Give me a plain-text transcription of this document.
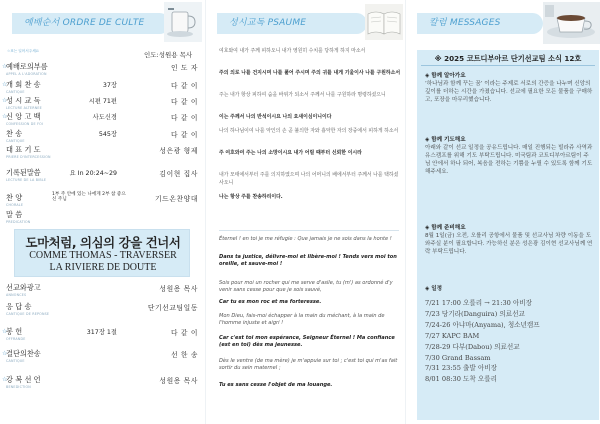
예배순서 ORDRE DE CULTE
인도:성원용 목사
☆표는 일어서주세요
예배로의부름
APPEL A L'ADORATION
인 도 자
☆
개 회 찬 송
CANTIQUE
37장	다 같 이
☆
성 시 교 독
LECTURE ALTERNEE
시편 71편	다 같 이
☆
신 앙 고 백
CONFESSION DE FOI
사도신경	다 같 이
☆
찬 송
CANTIQUE
545장	다 같 이
대 표 기 도
PRIERE D'INTERCESSION
성은광 형제
기록된말씀
LECTURE DE LA BIBLE
요 In 20:24~29	김이현 집사
찬 양
CHORALE
1부 주 안에 있는 나에게 2부 참 좋으신 주님	기드온찬양대
말 씀
PREDICATION
도마처럼, 의심의 강을 건너서
COMME THOMAS - TRAVERSER
LA RIVIERE DE DOUTE
선교와광고
ANNONCES
성원용 목사
응 답 송
CANTIQUE DE REPONSE
단기선교팀일동
봉 헌
OFFRANDE
317장 1절	다 같 이
☆
결단의찬송
CANTIQUE
선 한 송
☆
강 복 선 언
BENEDICTION
성원용 목사
☆
성시교독 PSAUME
여호와여 내가 주께 피하오니 내가 영원히 수치를 당하게 하지 마소서
주의 의로 나를 건지시며 나를 풀어 주시며 주의 귀를 내게 기울이사 나를 구원하소서
주는 내가 항상 피하여 숨을 바위가 되소서 주께서 나를 구원하라 명령하셨으니
이는 주께서 나의 반석이시요 나의 요새이심이니이다
나의 하나님이여 나를 악인의 손 곧 불의한 자와 흉악한 자의 장중에서 피하게 하소서
주 여호와여 주는 나의 소망이시요 내가 어릴 때부터 신뢰한 이시라
내가 모태에서부터 주를 의지하였으며 나의 어머니의 배에서부터 주께서 나를 택하셨사오니
나는 항상 주를 찬송하리이다.
Éternel ! en toi je me réfugie : Que jamais je ne sois dans la honte !
Dans ta justice, délivre-moi et libère-moi ! Tends vers moi ton oreille, et sauve-moi !
Sois pour moi un rocher qui me serve d'asile, tu (m') as ordonné d'y venir sans cesse pour que je sois sauvé,
Car tu es mon roc et ma forteresse.
Mon Dieu, fais-moi échapper à la main du méchant, à la main de l'homme injuste et aigri !
Car c'est toi mon espérance, Seigneur Éternel ! Ma confiance (est en toi) dès ma jeunesse.
Dès le ventre (de ma mère) je m'appuie sur toi ; c'est toi qui m'as fait sortir du sein maternel ;
Tu es sans cesse l'objet de ma louange.
칼럼 MESSAGES
※ 2025 코트디부아르 단기선교팀 소식 12호
◈ 함께 알아가요
‘하나님과 함께 꾸는 꿈’ 이라는 주제로 서로의 간증을 나누며 신앙의 깊이를 더하는 시간을 가졌습니다. 선교에 필요한 모든 물품을 구매하고, 포장을 마무리했습니다.
◈ 함께 기도해요
아래와 같이 선교 일정을 공유드립니다. 매일 진행되는 빌라쥬 사역과 유스캠프를 위해 기도 부탁드립니다. 미국팀과 코트디부아르팀이 주님 안에서 하나 되어, 복음을 전하는 기쁨을 누릴 수 있도록 함께 기도해주세요.
◈ 함께 준비해요
8월 1일(금) 오전, 오를리 공항에서 물품 및 선교사님 차량 이동을 도와주실 분이 필요합니다. 가능하신 분은 성은광 김이현 선교사님께 연락 부탁드립니다.
◈ 일정
7/21 17:00 오를리 → 21:30 아비장
7/23 당기라(Danguira) 의료선교
7/24-26 아냐마(Anyama), 청소년캠프
7/27 KAPC BAM
7/28-29 다부(Dabou) 의료선교
7/30 Grand Bassam
7/31 23:55 출발 아비장
8/01 08:30 도착 오를리
